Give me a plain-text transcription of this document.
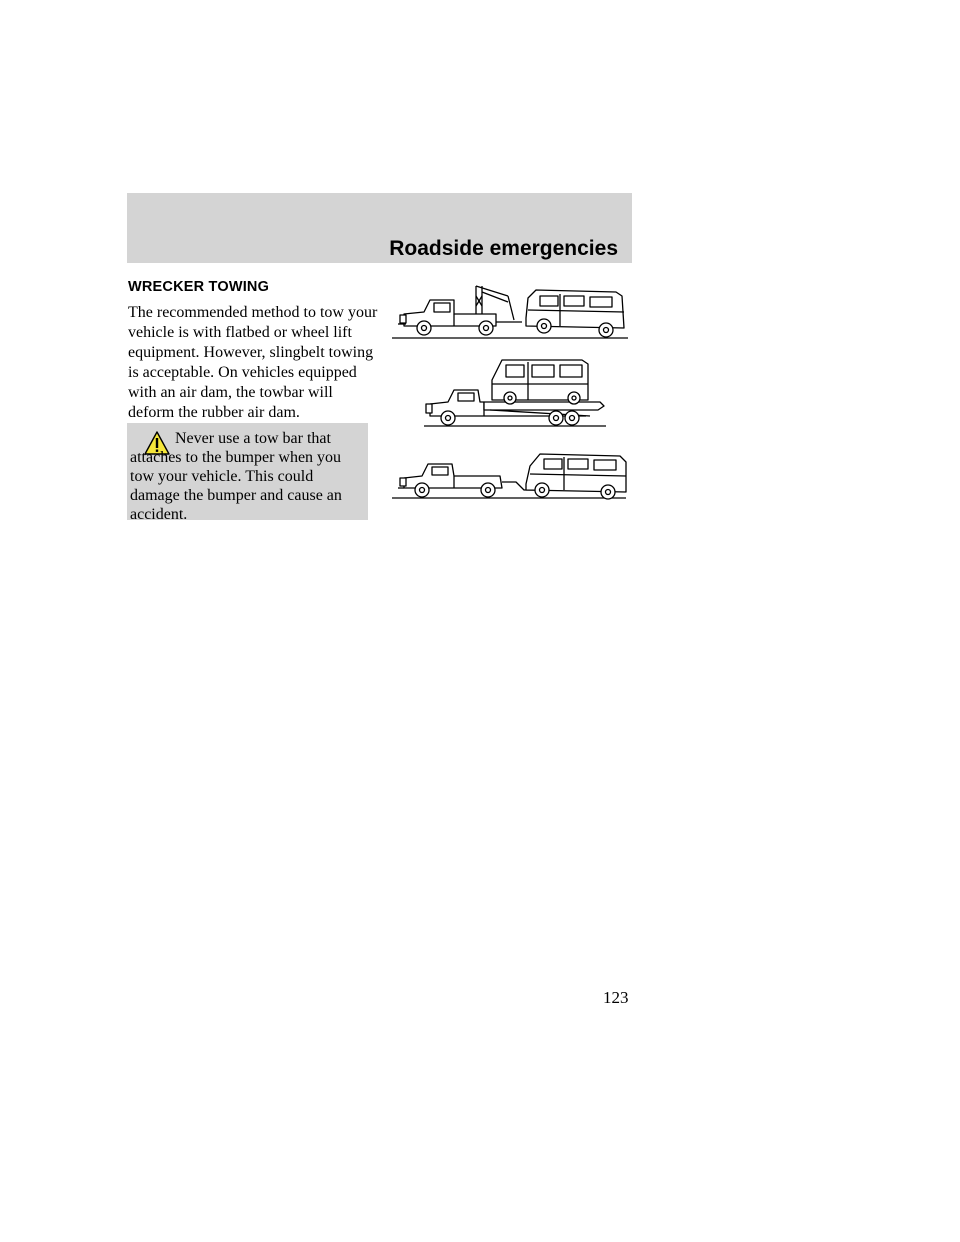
Roadside emergencies
WRECKER TOWING

The recommended method to tow your vehicle is with flatbed or wheel lift equipment. However, slingbelt towing is acceptable. On vehicles equipped with an air dam, the towbar will deform the rubber air dam.

Never use a tow bar that attaches to the bumper when you tow your vehicle. This could damage the bumper and cause an accident.

123
